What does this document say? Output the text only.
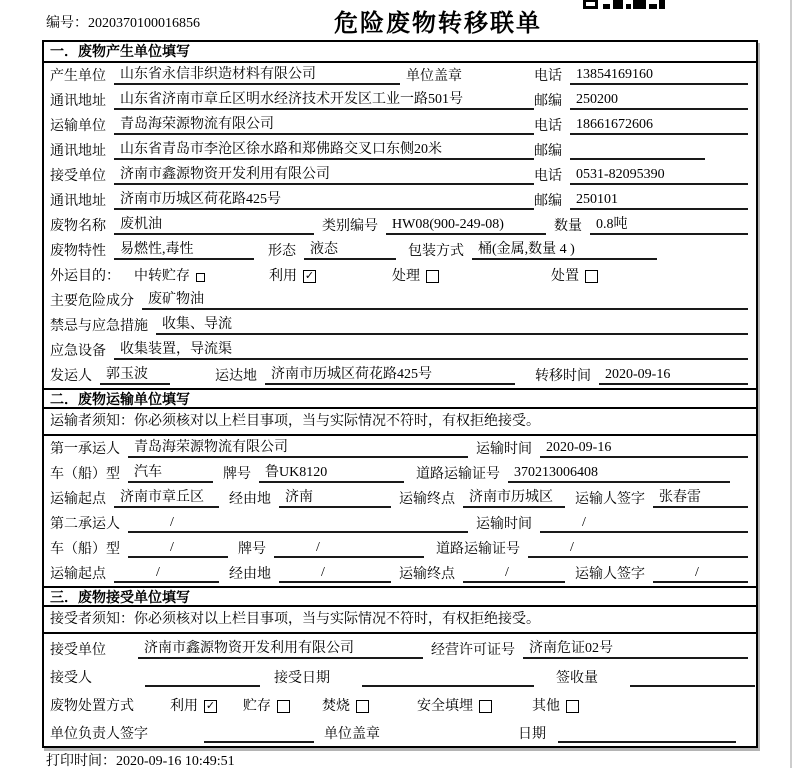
编号：2020370100016856	危险废物转移联单
一．废物产生单位填写
产生单位	山东省永信非织造材料有限公司	单位盖章	电话	13854169160
通讯地址	山东省济南市章丘区明水经济技术开发区工业一路501号	邮编	250200
运输单位	青岛海荣源物流有限公司	电话	18661672606
通讯地址	山东省青岛市李沧区徐水路和郑佛路交叉口东侧20米	邮编
接受单位	济南市鑫源物资开发利用有限公司	电话	0531-82095390
通讯地址	济南市历城区荷花路425号	邮编	250101
废物名称	废机油	类别编号	HW08(900-249-08)	数量	0.8吨
废物特性	易燃性,毒性	形态	液态	包装方式	桶(金属,数量 4 )
外运目的： 中转贮存	利用 ✓	处理	处置
主要危险成分	废矿物油
禁忌与应急措施	收集、导流
应急设备	收集装置，导流渠
发运人	郭玉波	运达地	济南市历城区荷花路425号	转移时间	2020-09-16
二．废物运输单位填写
运输者须知：你必须核对以上栏目事项，当与实际情况不符时，有权拒绝接受。
第一承运人	青岛海荣源物流有限公司	运输时间	2020-09-16
车（船）型	汽车	牌号	鲁UK8120	道路运输证号	370213006408
运输起点	济南市章丘区	经由地	济南	运输终点	济南市历城区	运输人签字	张春雷
第二承运人	/	运输时间	/
车（船）型	/	牌号	/	道路运输证号	/
运输起点	/	经由地	/	运输终点	/	运输人签字	/
三．废物接受单位填写
接受者须知：你必须核对以上栏目事项，当与实际情况不符时，有权拒绝接受。
接受单位	济南市鑫源物资开发利用有限公司	经营许可证号	济南危证02号
接受人	接受日期	签收量
废物处置方式	利用 ✓ 贮存	焚烧	安全填埋	其他
单位负责人签字	单位盖章	日期
打印时间：2020-09-16 10:49:51
